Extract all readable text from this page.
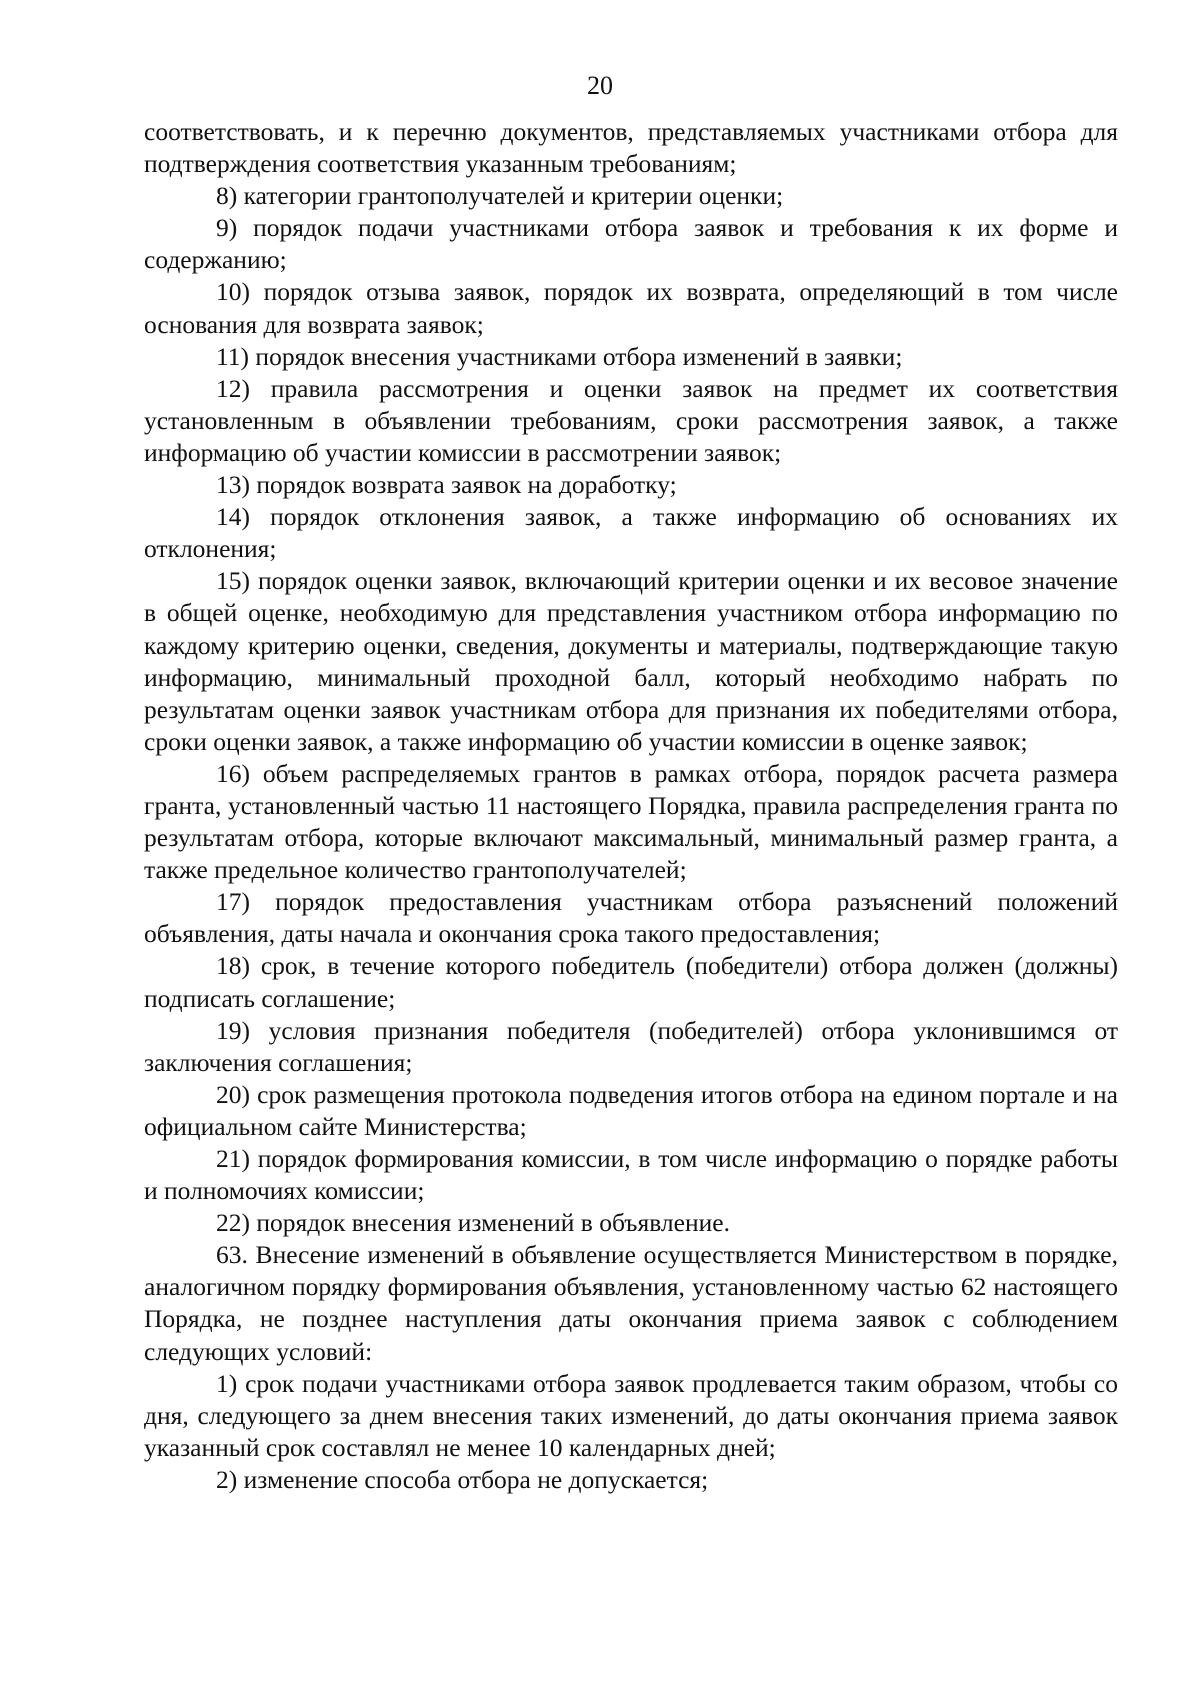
20

соответствовать, и к перечню документов, представляемых участниками отбора для подтверждения соответствия указанным требованиям;

8) категории грантополучателей и критерии оценки;

9) порядок подачи участниками отбора заявок и требования к их форме и содержанию;

10) порядок отзыва заявок, порядок их возврата, определяющий в том числе основания для возврата заявок;

11) порядок внесения участниками отбора изменений в заявки;

12) правила рассмотрения и оценки заявок на предмет их соответствия установленным в объявлении требованиям, сроки рассмотрения заявок, а также информацию об участии комиссии в рассмотрении заявок;

13) порядок возврата заявок на доработку;

14) порядок отклонения заявок, а также информацию об основаниях их отклонения;

15) порядок оценки заявок, включающий критерии оценки и их весовое значение в общей оценке, необходимую для представления участником отбора информацию по каждому критерию оценки, сведения, документы и материалы, подтверждающие такую информацию, минимальный проходной балл, который необходимо набрать по результатам оценки заявок участникам отбора для признания их победителями отбора, сроки оценки заявок, а также информацию об участии комиссии в оценке заявок;

16) объем распределяемых грантов в рамках отбора, порядок расчета размера гранта, установленный частью 11 настоящего Порядка, правила распределения гранта по результатам отбора, которые включают максимальный, минимальный размер гранта, а также предельное количество грантополучателей;

17) порядок предоставления участникам отбора разъяснений положений объявления, даты начала и окончания срока такого предоставления;

18) срок, в течение которого победитель (победители) отбора должен (должны) подписать соглашение;

19) условия признания победителя (победителей) отбора уклонившимся от заключения соглашения;

20) срок размещения протокола подведения итогов отбора на едином портале и на официальном сайте Министерства;

21) порядок формирования комиссии, в том числе информацию о порядке работы и полномочиях комиссии;

22) порядок внесения изменений в объявление.

63. Внесение изменений в объявление осуществляется Министерством в порядке, аналогичном порядку формирования объявления, установленному частью 62 настоящего Порядка, не позднее наступления даты окончания приема заявок с соблюдением следующих условий:

1) срок подачи участниками отбора заявок продлевается таким образом, чтобы со дня, следующего за днем внесения таких изменений, до даты окончания приема заявок указанный срок составлял не менее 10 календарных дней;

2) изменение способа отбора не допускается;
